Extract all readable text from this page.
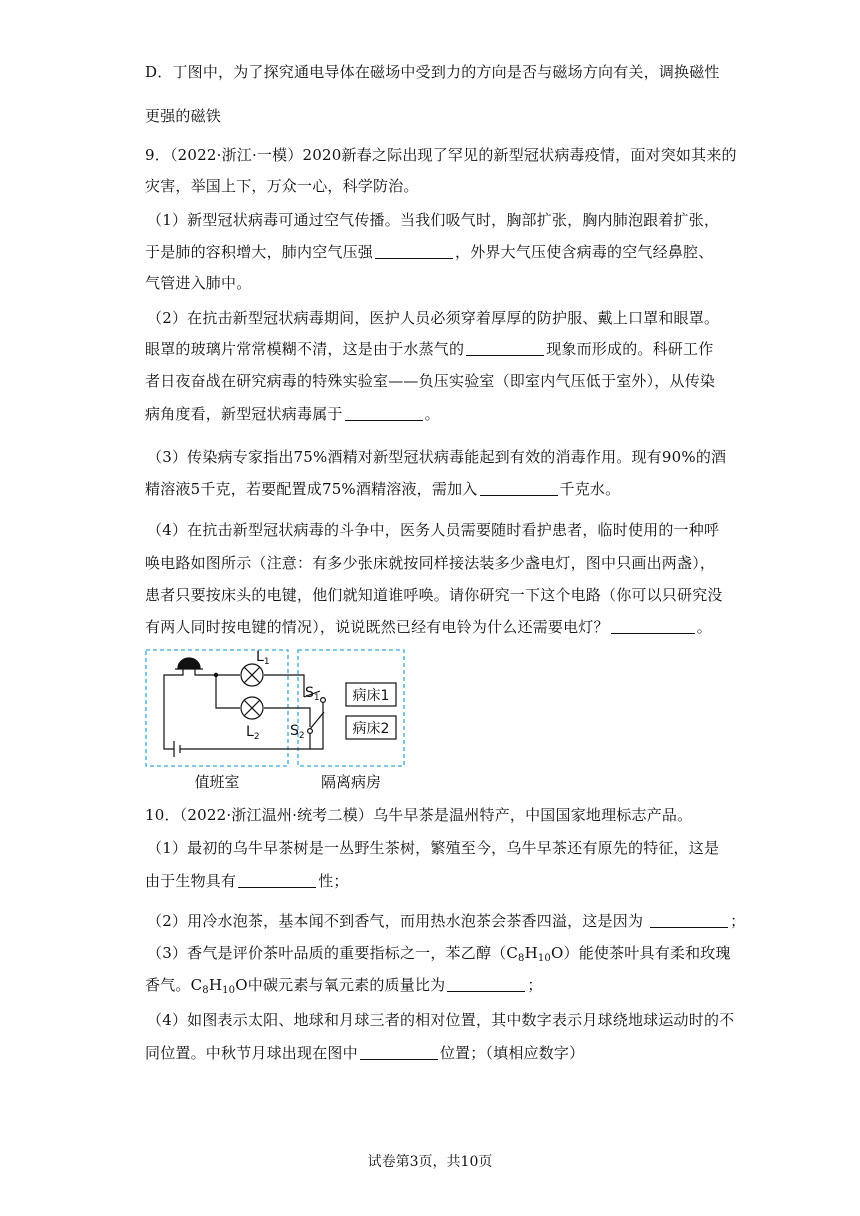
D．丁图中，为了探究通电导体在磁场中受到力的方向是否与磁场方向有关，调换磁性
更强的磁铁
9．（2022·浙江·一模）2020新春之际出现了罕见的新型冠状病毒疫情，面对突如其来的
灾害，举国上下，万众一心，科学防治。
（1）新型冠状病毒可通过空气传播。当我们吸气时，胸部扩张，胸内肺泡跟着扩张，
于是肺的容积增大，肺内空气压强	，外界大气压使含病毒的空气经鼻腔、
气管进入肺中。
（2）在抗击新型冠状病毒期间，医护人员必须穿着厚厚的防护服、戴上口罩和眼罩。
眼罩的玻璃片常常模糊不清，这是由于水蒸气的	现象而形成的。科研工作
者日夜奋战在研究病毒的特殊实验室——负压实验室（即室内气压低于室外），从传染
病角度看，新型冠状病毒属于	。
（3）传染病专家指出75%酒精对新型冠状病毒能起到有效的消毒作用。现有90%的酒
精溶液5千克，若要配置成75%酒精溶液，需加入	千克水。
（4）在抗击新型冠状病毒的斗争中，医务人员需要随时看护患者，临时使用的一种呼
唤电路如图所示（注意：有多少张床就按同样接法装多少盏电灯，图中只画出两盏），
患者只要按床头的电键，他们就知道谁呼唤。请你研究一下这个电路（你可以只研究没
有两人同时按电键的情况），说说既然已经有电铃为什么还需要电灯？	。
$L_1$
$L_2$
$S_1$
$S_2$
病床1
病床2
值班室	隔离病房
10．（2022·浙江温州·统考二模）乌牛早茶是温州特产，中国国家地理标志产品。
（1）最初的乌牛早茶树是一丛野生茶树，繁殖至今，乌牛早茶还有原先的特征，这是
由于生物具有	性；
（2）用冷水泡茶，基本闻不到香气，而用热水泡茶会茶香四溢，这是因为	；
（3）香气是评价茶叶品质的重要指标之一，苯乙醇$(C_8H_{10}O)$能使茶叶具有柔和玫瑰
香气。$C_8H_{10}O$中碳元素与氧元素的质量比为	；
（4）如图表示太阳、地球和月球三者的相对位置，其中数字表示月球绕地球运动时的不
同位置。中秋节月球出现在图中	位置；（填相应数字）
试卷第3页，共10页
